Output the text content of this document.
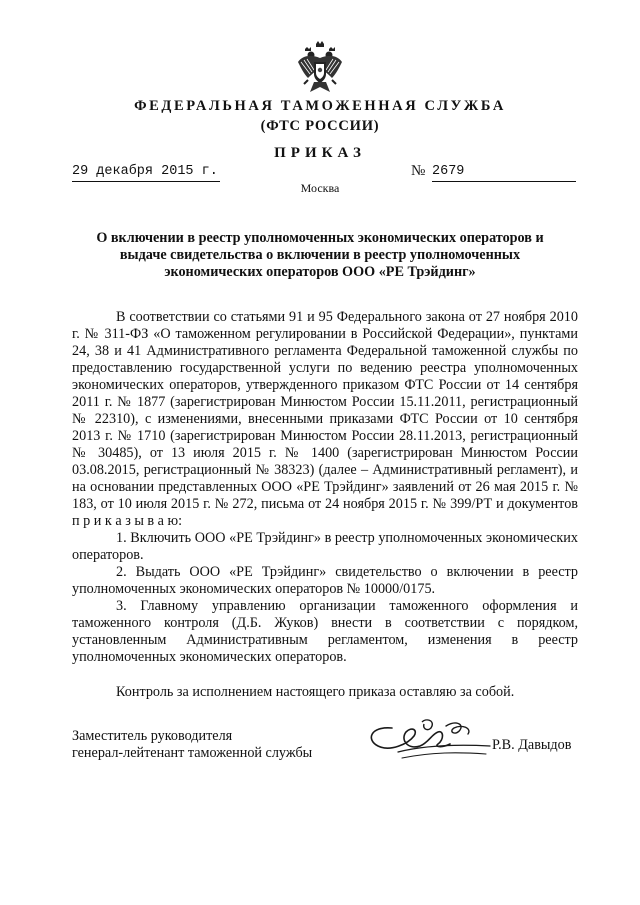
ФЕДЕРАЛЬНАЯ ТАМОЖЕННАЯ СЛУЖБА
(ФТС РОССИИ)
ПРИКАЗ
29 декабря 2015 г.	№ 2679
Москва
О включении в реестр уполномоченных экономических операторов и выдаче свидетельства о включении в реестр уполномоченных экономических операторов ООО «РЕ Трэйдинг»

В соответствии со статьями 91 и 95 Федерального закона от 27 ноября 2010 г. № 311-ФЗ «О таможенном регулировании в Российской Федерации», пунктами 24, 38 и 41 Административного регламента Федеральной таможенной службы по предоставлению государственной услуги по ведению реестра уполномоченных экономических операторов, утвержденного приказом ФТС России от 14 сентября 2011 г. № 1877 (зарегистрирован Минюстом России 15.11.2011, регистрационный № 22310), с изменениями, внесенными приказами ФТС России от 10 сентября 2013 г. № 1710 (зарегистрирован Минюстом России 28.11.2013, регистрационный № 30485), от 13 июля 2015 г. № 1400 (зарегистрирован Минюстом России 03.08.2015, регистрационный № 38323) (далее – Административный регламент), и на основании представленных ООО «РЕ Трэйдинг» заявлений от 26 мая 2015 г. № 183, от 10 июля 2015 г. № 272, письма от 24 ноября 2015 г. № 399/РТ и документов п р и к а з ы в а ю:

1. Включить ООО «РЕ Трэйдинг» в реестр уполномоченных экономических операторов.

2. Выдать ООО «РЕ Трэйдинг» свидетельство о включении в реестр уполномоченных экономических операторов № 10000/0175.

3. Главному управлению организации таможенного оформления и таможенного контроля (Д.Б. Жуков) внести в соответствии с порядком, установленным Административным регламентом, изменения в реестр уполномоченных экономических операторов.

Контроль за исполнением настоящего приказа оставляю за собой.

Заместитель руководителя
генерал-лейтенант таможенной службы	Р.В. Давыдов
